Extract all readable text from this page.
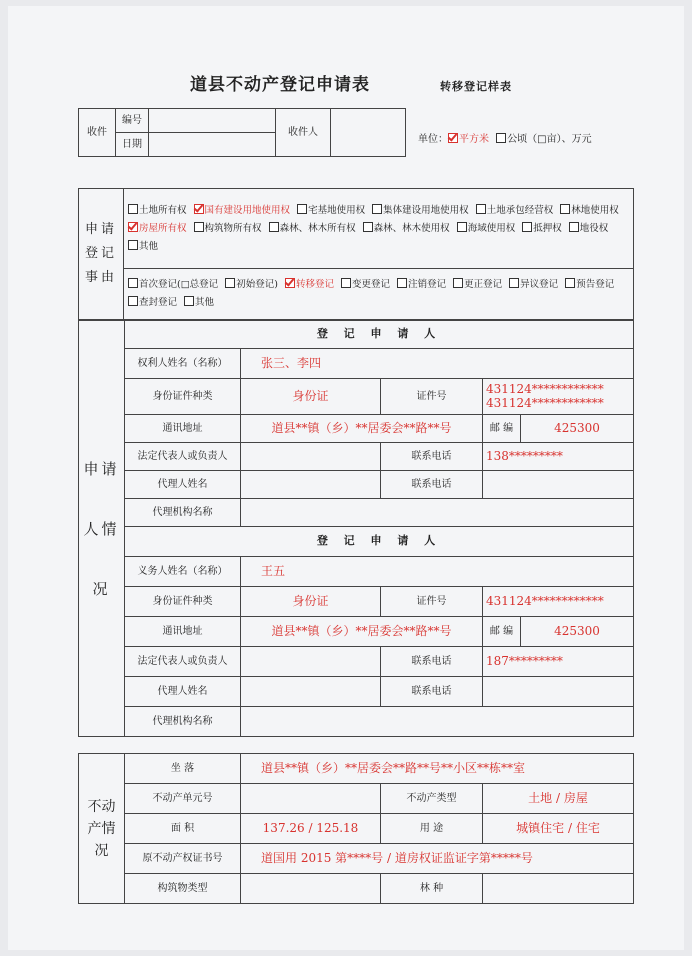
道县不动产登记申请表	转移登记样表
收件	编号		收件人	
	日期				单位： 平方米 公顷（□亩）、万元
申请登记事由	土地所有权 国有建设用地使用权 宅基地使用权 集体建设用地使用权 土地承包经营权 林地使用权 房屋所有权 构筑物所有权 森林、林木所有权 森林、林木使用权 海域使用权 抵押权 地役权 其他
首次登记(□总登记 初始登记) 转移登记 变更登记 注销登记 更正登记 异议登记 预告登记 查封登记 其他
申请人情况	登 记 申 请 人				
	权利人姓名（名称）	张三、李四			
	身份证件种类	身份证	证件号	431124************
431124************	

	通讯地址	道县**镇（乡）**居委会**路**号		邮 编	425300
	法定代表人或负责人		联系电话	138*********	
	代理人姓名		联系电话		
	代理机构名称				
	登 记 申 请 人				
	义务人姓名（名称）	王五			
	身份证件种类	身份证	证件号	431124************	
	通讯地址	道县**镇（乡）**居委会**路**号		邮 编	425300
	法定代表人或负责人		联系电话	187*********	
	代理人姓名		联系电话		
	代理机构名称				
不动产情况	坐 落	道县**镇（乡）**居委会**路**号**小区**栋**室		
	不动产单元号		不动产类型	土地 / 房屋
	面 积	137.26 / 125.18	用 途	城镇住宅 / 住宅
	原不动产权证书号	道国用 2015 第****号 / 道房权证监证字第*****号		
	构筑物类型		林 种	
